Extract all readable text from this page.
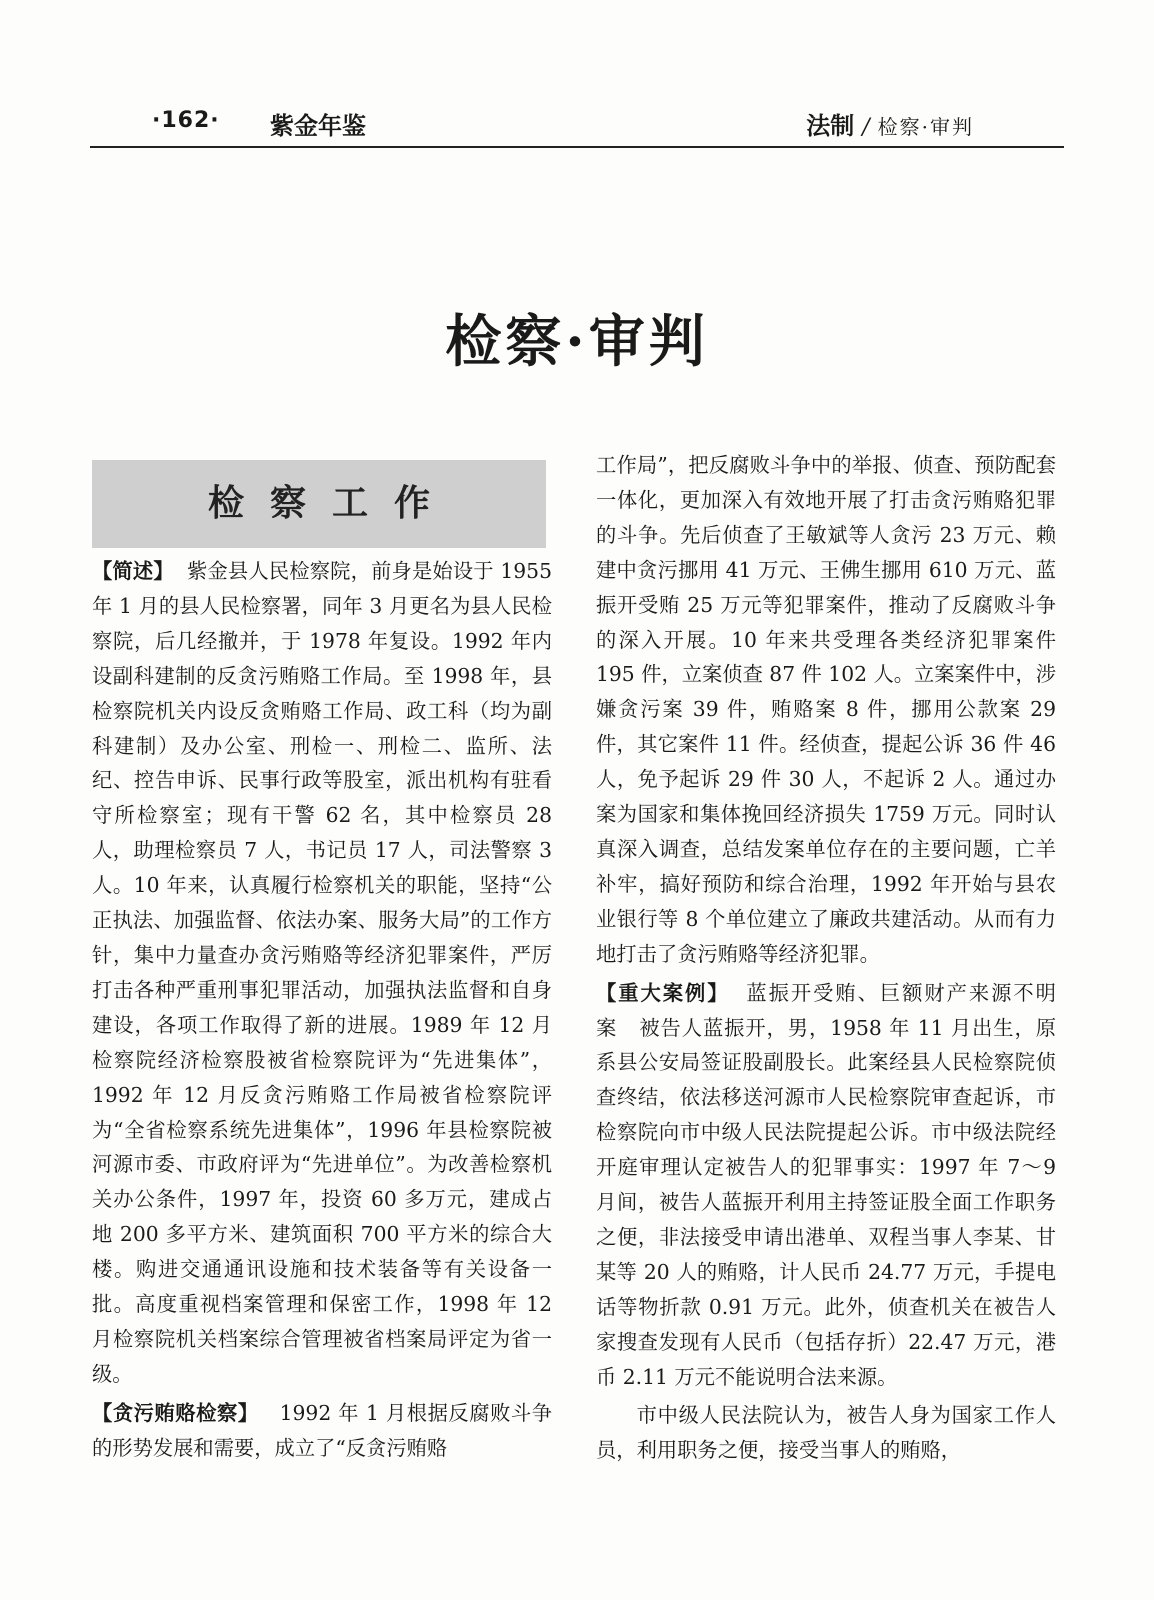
·162· 紫金年鉴	法制 / 检察·审判
检察·审判
检察工作

【简述】 紫金县人民检察院，前身是始设于 1955 年 1 月的县人民检察署，同年 3 月更名为县人民检察院，后几经撤并，于 1978 年复设。1992 年内设副科建制的反贪污贿赂工作局。至 1998 年，县检察院机关内设反贪贿赂工作局、政工科（均为副科建制）及办公室、刑检一、刑检二、监所、法纪、控告申诉、民事行政等股室，派出机构有驻看守所检察室；现有干警 62 名，其中检察员 28 人，助理检察员 7 人，书记员 17 人，司法警察 3 人。10 年来，认真履行检察机关的职能，坚持“公正执法、加强监督、依法办案、服务大局”的工作方针，集中力量查办贪污贿赂等经济犯罪案件，严厉打击各种严重刑事犯罪活动，加强执法监督和自身建设，各项工作取得了新的进展。1989 年 12 月检察院经济检察股被省检察院评为“先进集体”，1992 年 12 月反贪污贿赂工作局被省检察院评为“全省检察系统先进集体”，1996 年县检察院被河源市委、市政府评为“先进单位”。为改善检察机关办公条件，1997 年，投资 60 多万元，建成占地 200 多平方米、建筑面积 700 平方米的综合大楼。购进交通通讯设施和技术装备等有关设备一批。高度重视档案管理和保密工作，1998 年 12 月检察院机关档案综合管理被省档案局评定为省一级。

【贪污贿赂检察】 1992 年 1 月根据反腐败斗争的形势发展和需要，成立了“反贪污贿赂

工作局”，把反腐败斗争中的举报、侦查、预防配套一体化，更加深入有效地开展了打击贪污贿赂犯罪的斗争。先后侦查了王敏斌等人贪污 23 万元、赖建中贪污挪用 41 万元、王佛生挪用 610 万元、蓝振开受贿 25 万元等犯罪案件，推动了反腐败斗争的深入开展。10 年来共受理各类经济犯罪案件 195 件，立案侦查 87 件 102 人。立案案件中，涉嫌贪污案 39 件，贿赂案 8 件，挪用公款案 29 件，其它案件 11 件。经侦查，提起公诉 36 件 46 人，免予起诉 29 件 30 人，不起诉 2 人。通过办案为国家和集体挽回经济损失 1759 万元。同时认真深入调查，总结发案单位存在的主要问题，亡羊补牢，搞好预防和综合治理，1992 年开始与县农业银行等 8 个单位建立了廉政共建活动。从而有力地打击了贪污贿赂等经济犯罪。

【重大案例】 蓝振开受贿、巨额财产来源不明案 被告人蓝振开，男，1958 年 11 月出生，原系县公安局签证股副股长。此案经县人民检察院侦查终结，依法移送河源市人民检察院审查起诉，市检察院向市中级人民法院提起公诉。市中级法院经开庭审理认定被告人的犯罪事实：1997 年 7～9 月间，被告人蓝振开利用主持签证股全面工作职务之便，非法接受申请出港单、双程当事人李某、甘某等 20 人的贿赂，计人民币 24.77 万元，手提电话等物折款 0.91 万元。此外，侦查机关在被告人家搜查发现有人民币（包括存折）22.47 万元，港币 2.11 万元不能说明合法来源。

市中级人民法院认为，被告人身为国家工作人员，利用职务之便，接受当事人的贿赂，
